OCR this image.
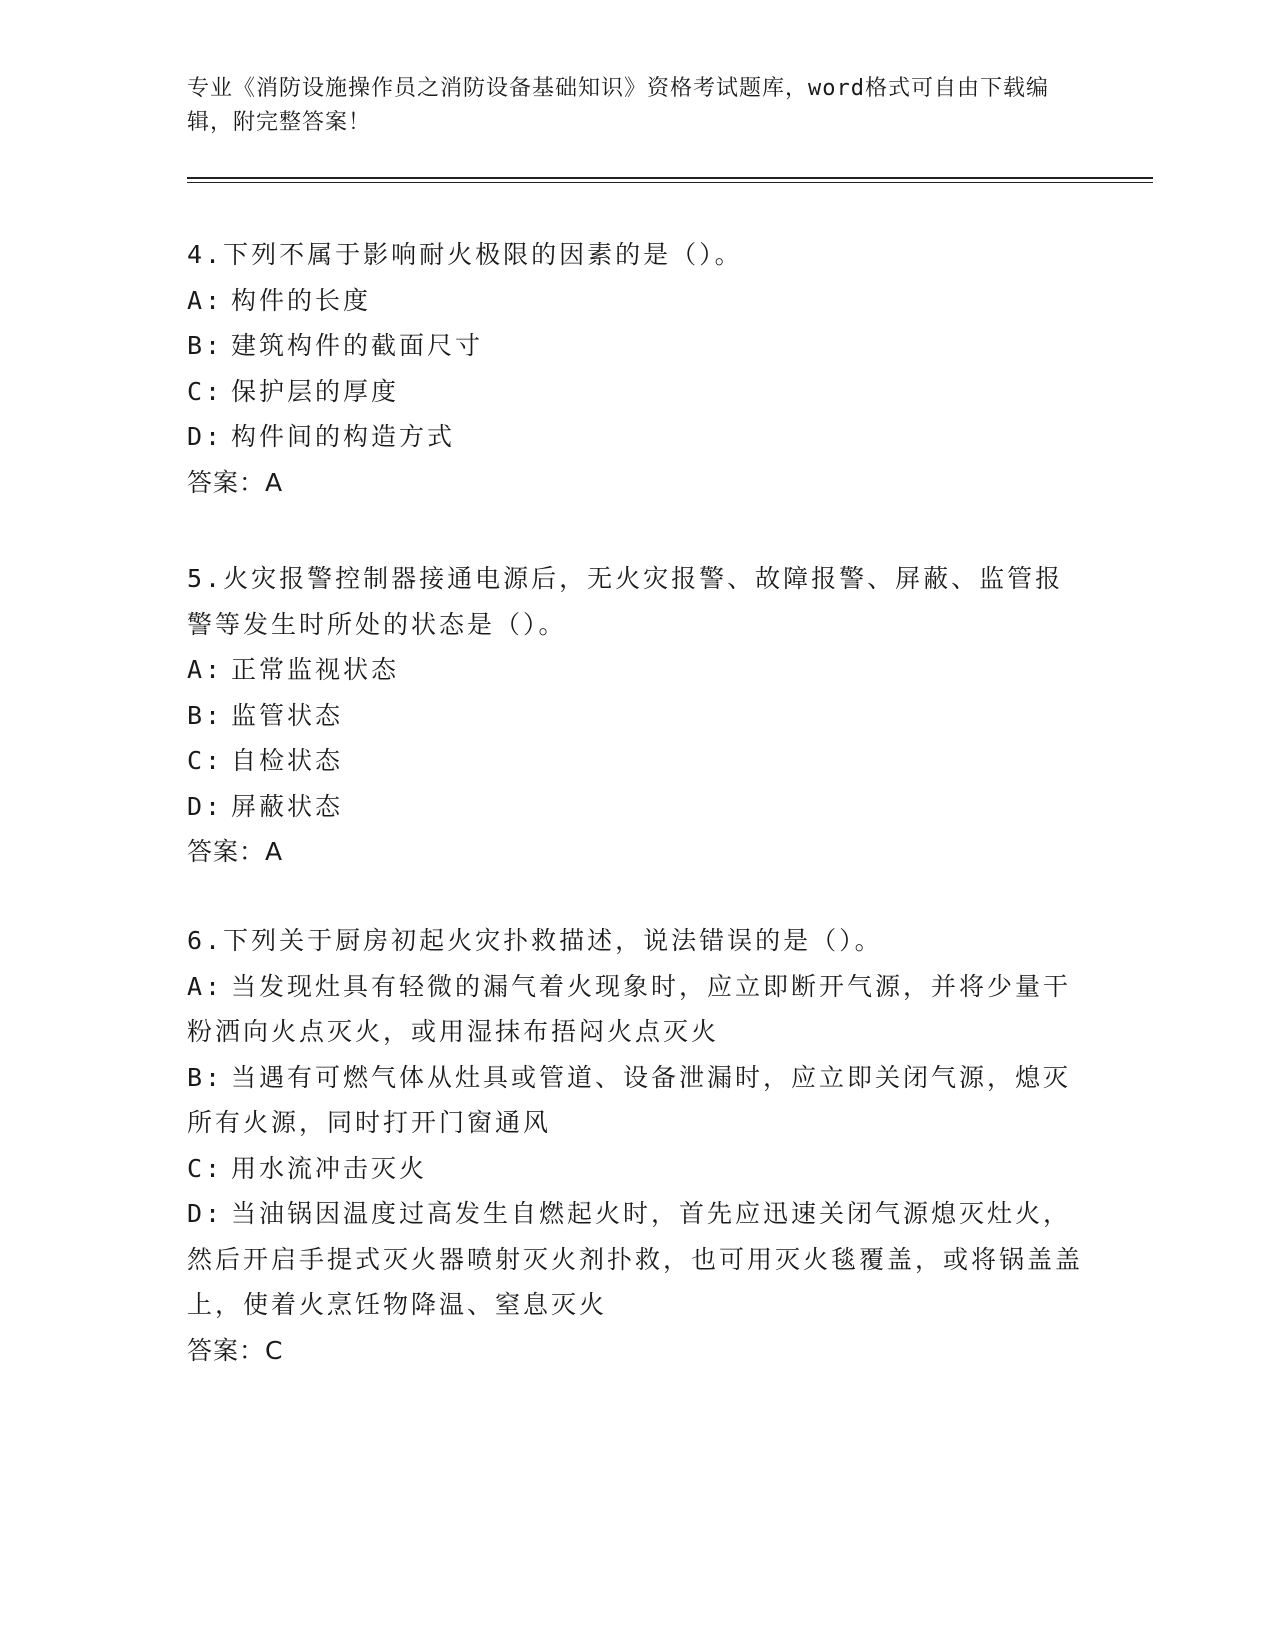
专业《消防设施操作员之消防设备基础知识》资格考试题库，word格式可自由下载编辑，附完整答案！
4.下列不属于影响耐火极限的因素的是（）。
A: 构件的长度
B: 建筑构件的截面尺寸
C: 保护层的厚度
D: 构件间的构造方式
答案：A
5.火灾报警控制器接通电源后，无火灾报警、故障报警、屏蔽、监管报警等发生时所处的状态是（）。
A: 正常监视状态
B: 监管状态
C: 自检状态
D: 屏蔽状态
答案：A
6.下列关于厨房初起火灾扑救描述，说法错误的是（）。
A: 当发现灶具有轻微的漏气着火现象时，应立即断开气源，并将少量干粉洒向火点灭火，或用湿抹布捂闷火点灭火
B: 当遇有可燃气体从灶具或管道、设备泄漏时，应立即关闭气源，熄灭所有火源，同时打开门窗通风
C: 用水流冲击灭火
D: 当油锅因温度过高发生自燃起火时，首先应迅速关闭气源熄灭灶火，然后开启手提式灭火器喷射灭火剂扑救，也可用灭火毯覆盖，或将锅盖盖上，使着火烹饪物降温、窒息灭火
答案：C
